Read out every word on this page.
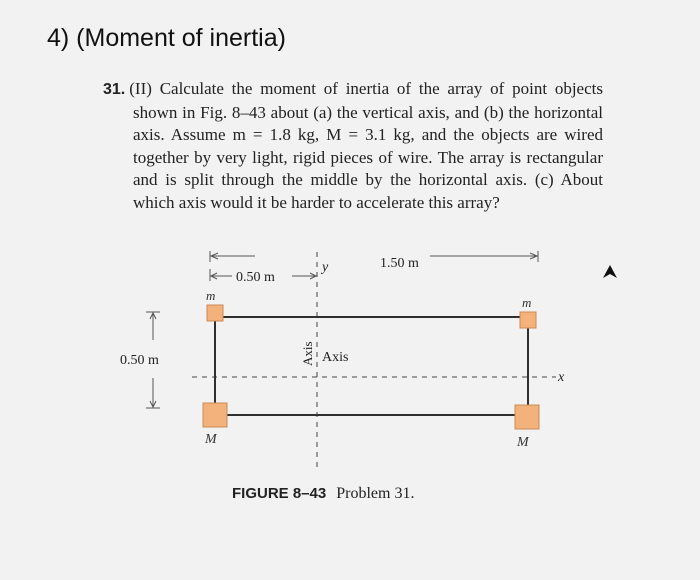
4) (Moment of inertia)

31. (II) Calculate the moment of inertia of the array of point objects shown in Fig. 8–43 about (a) the vertical axis, and (b) the horizontal axis. Assume m = 1.8 kg, M = 3.1 kg, and the objects are wired together by very light, rigid pieces of wire. The array is rectangular and is split through the middle by the horizontal axis. (c) About which axis would it be harder to accelerate this array?

1.50 m
0.50 m
y
x
0.50 m
m	m
M	M
Axis Axis
FIGURE 8–43 Problem 31.
